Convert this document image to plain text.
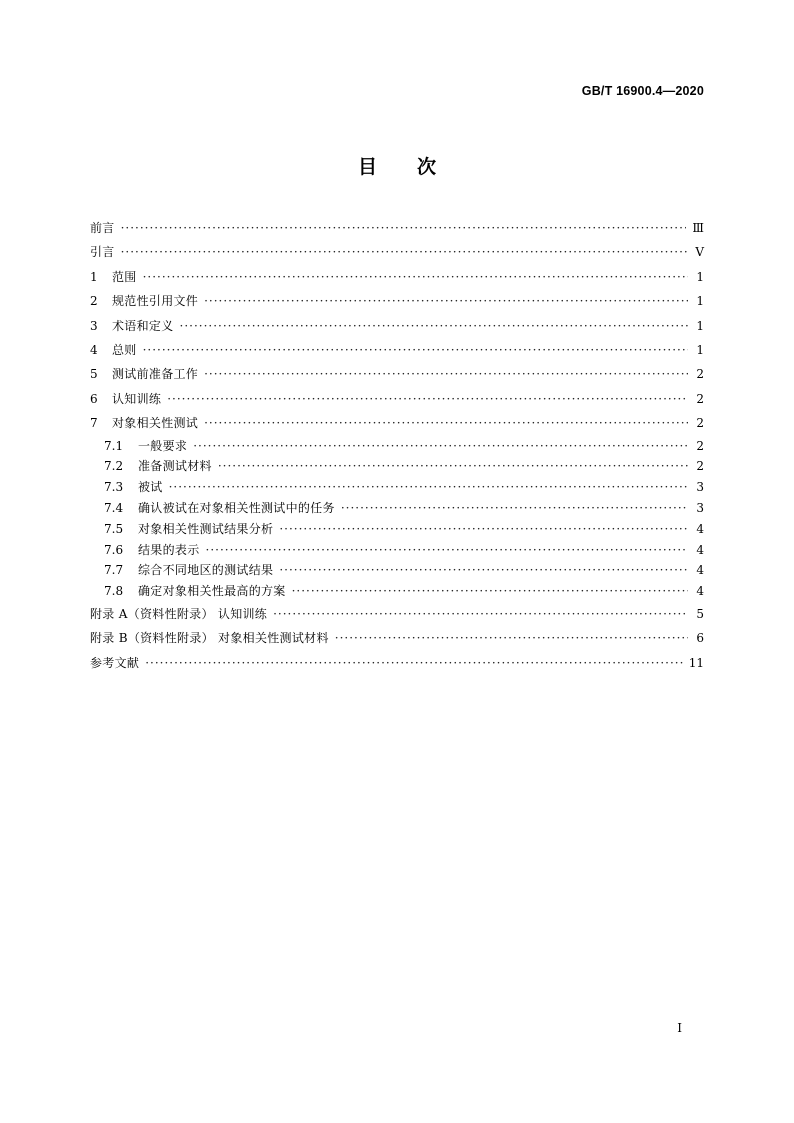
GB/T 16900.4—2020
目次
前言 ·····	Ⅲ
引言 ·····	Ⅴ
1	范围 ·····	1
2	规范性引用文件 ·····	1
3	术语和定义 ·····	1
4	总则 ·····	1
5	测试前准备工作 ·····	2
6	认知训练 ·····	2
7	对象相关性测试 ·····	2
7.1	一般要求 ·····	2
7.2	准备测试材料 ·····	2
7.3	被试 ·····	3
7.4	确认被试在对象相关性测试中的任务 ·····	3
7.5	对象相关性测试结果分析 ·····	4
7.6	结果的表示 ·····	4
7.7	综合不同地区的测试结果 ·····	4
7.8	确定对象相关性最高的方案 ·····	4
附录 A（资料性附录） 认知训练 ·····	5
附录 B（资料性附录） 对象相关性测试材料 ·····	6
参考文献 ·····	11
Ⅰ
